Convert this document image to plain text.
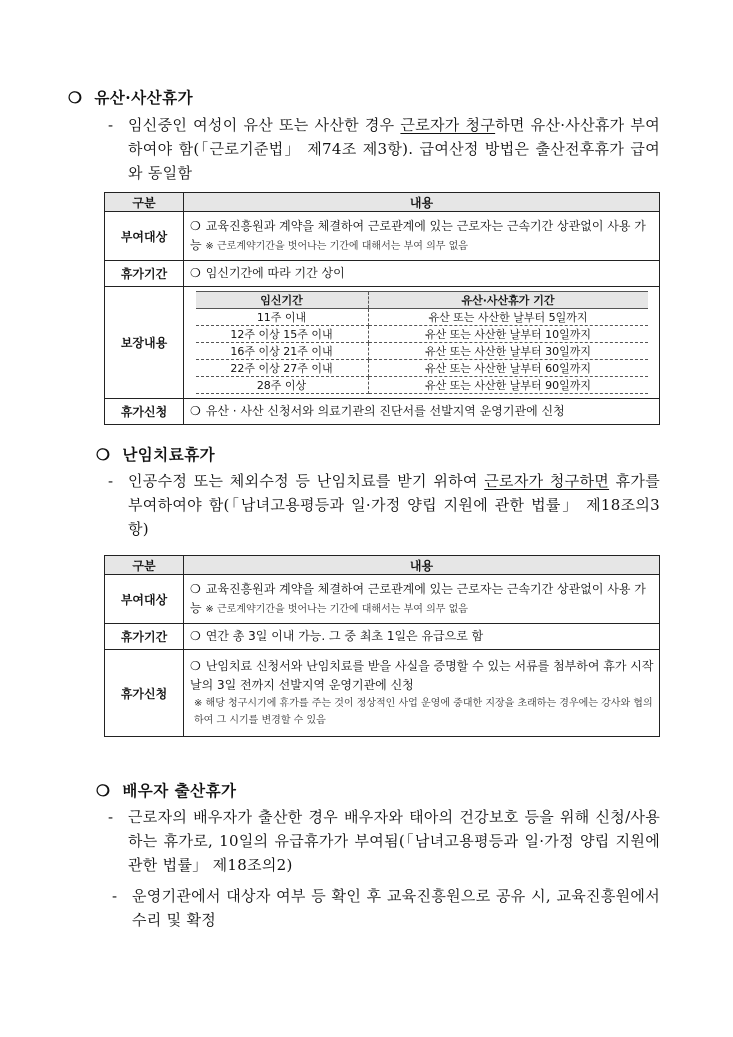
❍ 유산·사산휴가
- 임신중인 여성이 유산 또는 사산한 경우 근로자가 청구하면 유산·사산휴가 부여하여야 함(「근로기준법」 제74조 제3항). 급여산정 방법은 출산전후휴가 급여와 동일함
구분	내용
부여대상	❍ 교육진흥원과 계약을 체결하여 근로관계에 있는 근로자는 근속기간 상관없이 사용 가능 ※ 근로계약기간을 벗어나는 기간에 대해서는 부여 의무 없음
휴가기간	❍ 임신기간에 따라 기간 상이
보장내용	
임신기간	유산·사산휴가 기간
11주 이내	유산 또는 사산한 날부터 5일까지
12주 이상 15주 이내	유산 또는 사산한 날부터 10일까지
16주 이상 21주 이내	유산 또는 사산한 날부터 30일까지
22주 이상 27주 이내	유산 또는 사산한 날부터 60일까지
28주 이상	유산 또는 사산한 날부터 90일까지

휴가신청	❍ 유산 · 사산 신청서와 의료기관의 진단서를 선발지역 운영기관에 신청
❍ 난임치료휴가
- 인공수정 또는 체외수정 등 난임치료를 받기 위하여 근로자가 청구하면 휴가를 부여하여야 함(「남녀고용평등과 일·가정 양립 지원에 관한 법률」 제18조의3항)
구분	내용
부여대상	❍ 교육진흥원과 계약을 체결하여 근로관계에 있는 근로자는 근속기간 상관없이 사용 가능 ※ 근로계약기간을 벗어나는 기간에 대해서는 부여 의무 없음
휴가기간	❍ 연간 총 3일 이내 가능. 그 중 최초 1일은 유급으로 함
휴가신청	❍ 난임치료 신청서와 난임치료를 받을 사실을 증명할 수 있는 서류를 첨부하여 휴가 시작 날의 3일 전까지 선발지역 운영기관에 신청
※ 해당 청구시기에 휴가를 주는 것이 정상적인 사업 운영에 중대한 지장을 초래하는 경우에는 강사와 협의하여 그 시기를 변경할 수 있음
❍ 배우자 출산휴가
- 근로자의 배우자가 출산한 경우 배우자와 태아의 건강보호 등을 위해 신청/사용하는 휴가로, 10일의 유급휴가가 부여됨(「남녀고용평등과 일·가정 양립 지원에 관한 법률」 제18조의2)
- 운영기관에서 대상자 여부 등 확인 후 교육진흥원으로 공유 시, 교육진흥원에서 수리 및 확정
